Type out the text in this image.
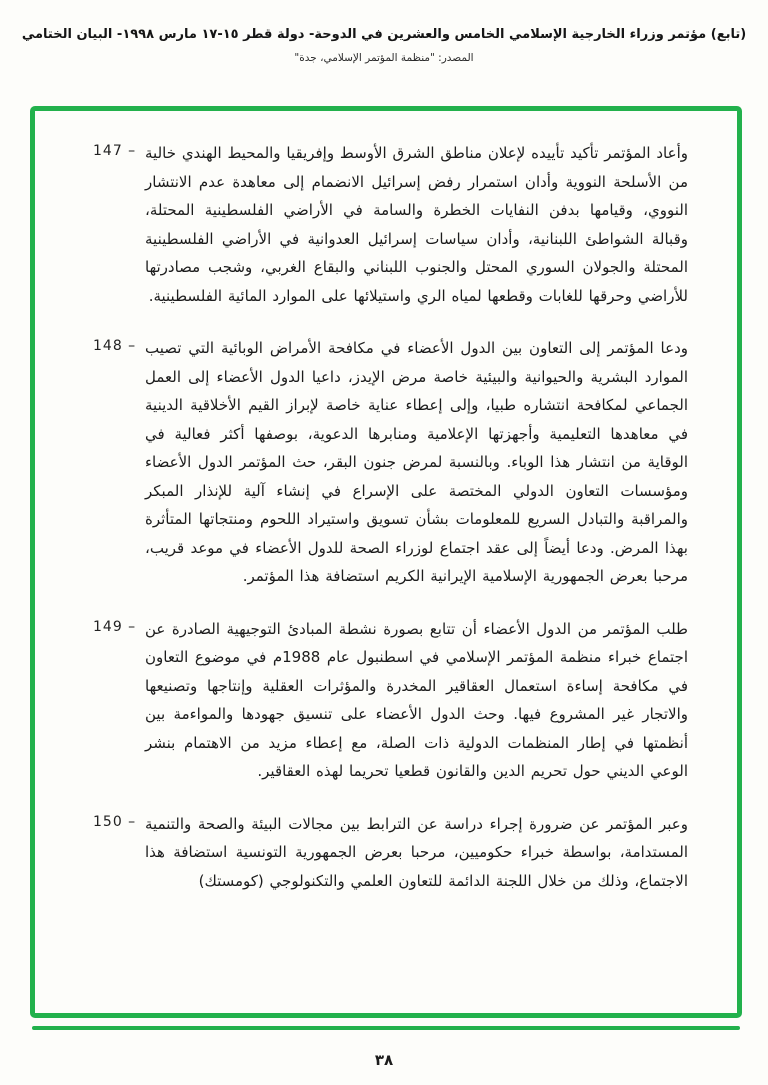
(تابع) مؤتمر وزراء الخارجية الإسلامي الخامس والعشرين في الدوحة- دولة قطر ١٥-١٧ مارس ١٩٩٨- البيان الختامي
المصدر: "منظمة المؤتمر الإسلامي، جدة"
147 – وأعاد المؤتمر تأكيد تأييده لإعلان مناطق الشرق الأوسط وإفريقيا والمحيط الهندي خالية من الأسلحة النووية وأدان استمرار رفض إسرائيل الانضمام إلى معاهدة عدم الانتشار النووي، وقيامها بدفن النفايات الخطرة والسامة في الأراضي الفلسطينية المحتلة، وقبالة الشواطئ اللبنانية، وأدان سياسات إسرائيل العدوانية في الأراضي الفلسطينية المحتلة والجولان السوري المحتل والجنوب اللبناني والبقاع الغربي، وشجب مصادرتها للأراضي وحرقها للغابات وقطعها لمياه الري واستيلائها على الموارد المائية الفلسطينية.
148 – ودعا المؤتمر إلى التعاون بين الدول الأعضاء في مكافحة الأمراض الوبائية التي تصيب الموارد البشرية والحيوانية والبيئية خاصة مرض الإيدز، داعيا الدول الأعضاء إلى العمل الجماعي لمكافحة انتشاره طبيا، وإلى إعطاء عناية خاصة لإبراز القيم الأخلاقية الدينية في معاهدها التعليمية وأجهزتها الإعلامية ومنابرها الدعوية، بوصفها أكثر فعالية في الوقاية من انتشار هذا الوباء. وبالنسبة لمرض جنون البقر، حث المؤتمر الدول الأعضاء ومؤسسات التعاون الدولي المختصة على الإسراع في إنشاء آلية للإنذار المبكر والمراقبة والتبادل السريع للمعلومات بشأن تسويق واستيراد اللحوم ومنتجاتها المتأثرة بهذا المرض. ودعا أيضاً إلى عقد اجتماع لوزراء الصحة للدول الأعضاء في موعد قريب، مرحبا بعرض الجمهورية الإسلامية الإيرانية الكريم استضافة هذا المؤتمر.
149 – طلب المؤتمر من الدول الأعضاء أن تتابع بصورة نشطة المبادئ التوجيهية الصادرة عن اجتماع خبراء منظمة المؤتمر الإسلامي في اسطنبول عام 1988م في موضوع التعاون في مكافحة إساءة استعمال العقاقير المخدرة والمؤثرات العقلية وإنتاجها وتصنيعها والاتجار غير المشروع فيها. وحث الدول الأعضاء على تنسيق جهودها والمواءمة بين أنظمتها في إطار المنظمات الدولية ذات الصلة، مع إعطاء مزيد من الاهتمام بنشر الوعي الديني حول تحريم الدين والقانون قطعيا تحريما لهذه العقاقير.
150 – وعبر المؤتمر عن ضرورة إجراء دراسة عن الترابط بين مجالات البيئة والصحة والتنمية المستدامة، بواسطة خبراء حكوميين، مرحبا بعرض الجمهورية التونسية استضافة هذا الاجتماع، وذلك من خلال اللجنة الدائمة للتعاون العلمي والتكنولوجي (كومستك)
٣٨
